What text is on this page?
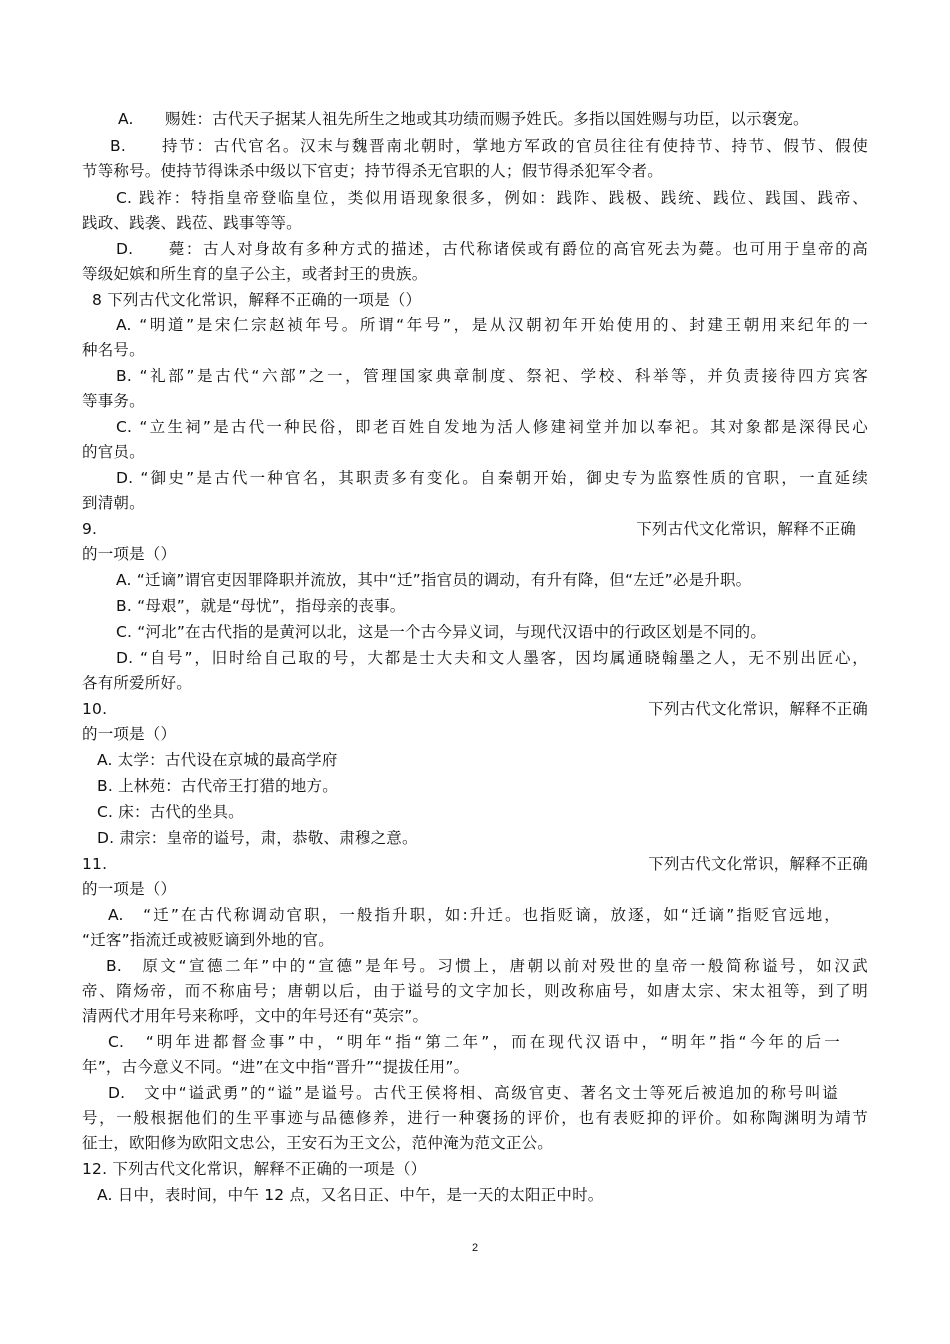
A.　　赐姓：古代天子据某人祖先所生之地或其功绩而赐予姓氏。多指以国姓赐与功臣，以示褒宠。
B.　　持节：古代官名。汉末与魏晋南北朝时，掌地方军政的官员往往有使持节、持节、假节、假使
节等称号。使持节得诛杀中级以下官吏；持节得杀无官职的人；假节得杀犯军令者。
C. 践祚：特指皇帝登临皇位，类似用语现象很多，例如：践阼、践极、践统、践位、践国、践帝、
践政、践袭、践莅、践事等等。
D.　　薨：古人对身故有多种方式的描述，古代称诸侯或有爵位的高官死去为薨。也可用于皇帝的高
等级妃嫔和所生育的皇子公主，或者封王的贵族。
8 下列古代文化常识，解释不正确的一项是（）
A. “明道”是宋仁宗赵祯年号。所谓“年号”，是从汉朝初年开始使用的、封建王朝用来纪年的一
种名号。
B. “礼部”是古代“六部”之一，管理国家典章制度、祭祀、学校、科举等，并负责接待四方宾客
等事务。
C. “立生祠”是古代一种民俗，即老百姓自发地为活人修建祠堂并加以奉祀。其对象都是深得民心
的官员。
D. “御史”是古代一种官名，其职责多有变化。自秦朝开始，御史专为监察性质的官职，一直延续
到清朝。
9.	下列古代文化常识，解释不正确
的一项是（）
A. “迁谪”谓官吏因罪降职并流放，其中“迁”指官员的调动，有升有降，但“左迁”必是升职。
B. “母艰”，就是“母忧”，指母亲的丧事。
C. “河北”在古代指的是黄河以北，这是一个古今异义词，与现代汉语中的行政区划是不同的。
D. “自号”，旧时给自己取的号，大都是士大夫和文人墨客，因均属通晓翰墨之人，无不别出匠心，
各有所爱所好。
10.	下列古代文化常识，解释不正确
的一项是（）
A. 太学：古代设在京城的最高学府
B. 上林苑：古代帝王打猎的地方。
C. 床：古代的坐具。
D. 肃宗：皇帝的谥号，肃，恭敬、肃穆之意。
11.	下列古代文化常识，解释不正确
的一项是（）
A.　“迁”在古代称调动官职，一般指升职，如:升迁。也指贬谪，放逐，如“迁谪”指贬官远地，
“迁客”指流迁或被贬谪到外地的官。
B.　原文“宣德二年”中的“宣德”是年号。习惯上，唐朝以前对殁世的皇帝一般简称谥号，如汉武
帝、隋炀帝，而不称庙号；唐朝以后，由于谥号的文字加长，则改称庙号，如唐太宗、宋太祖等，到了明
清两代才用年号来称呼，文中的年号还有“英宗”。
C.　“明年进都督佥事”中，“明年“指“第二年”，而在现代汉语中，“明年”指“今年的后一
年”，古今意义不同。“进”在文中指“晋升”“提拔任用”。
D.　文中“谥武勇”的“谥”是谥号。古代王侯将相、高级官吏、著名文士等死后被追加的称号叫谥
号，一般根据他们的生平事迹与品德修养，进行一种褒扬的评价，也有表贬抑的评价。如称陶渊明为靖节
征士，欧阳修为欧阳文忠公，王安石为王文公，范仲淹为范文正公。
12. 下列古代文化常识，解释不正确的一项是（）
A. 日中，表时间，中午 12 点，又名日正、中午，是一天的太阳正中时。
2
